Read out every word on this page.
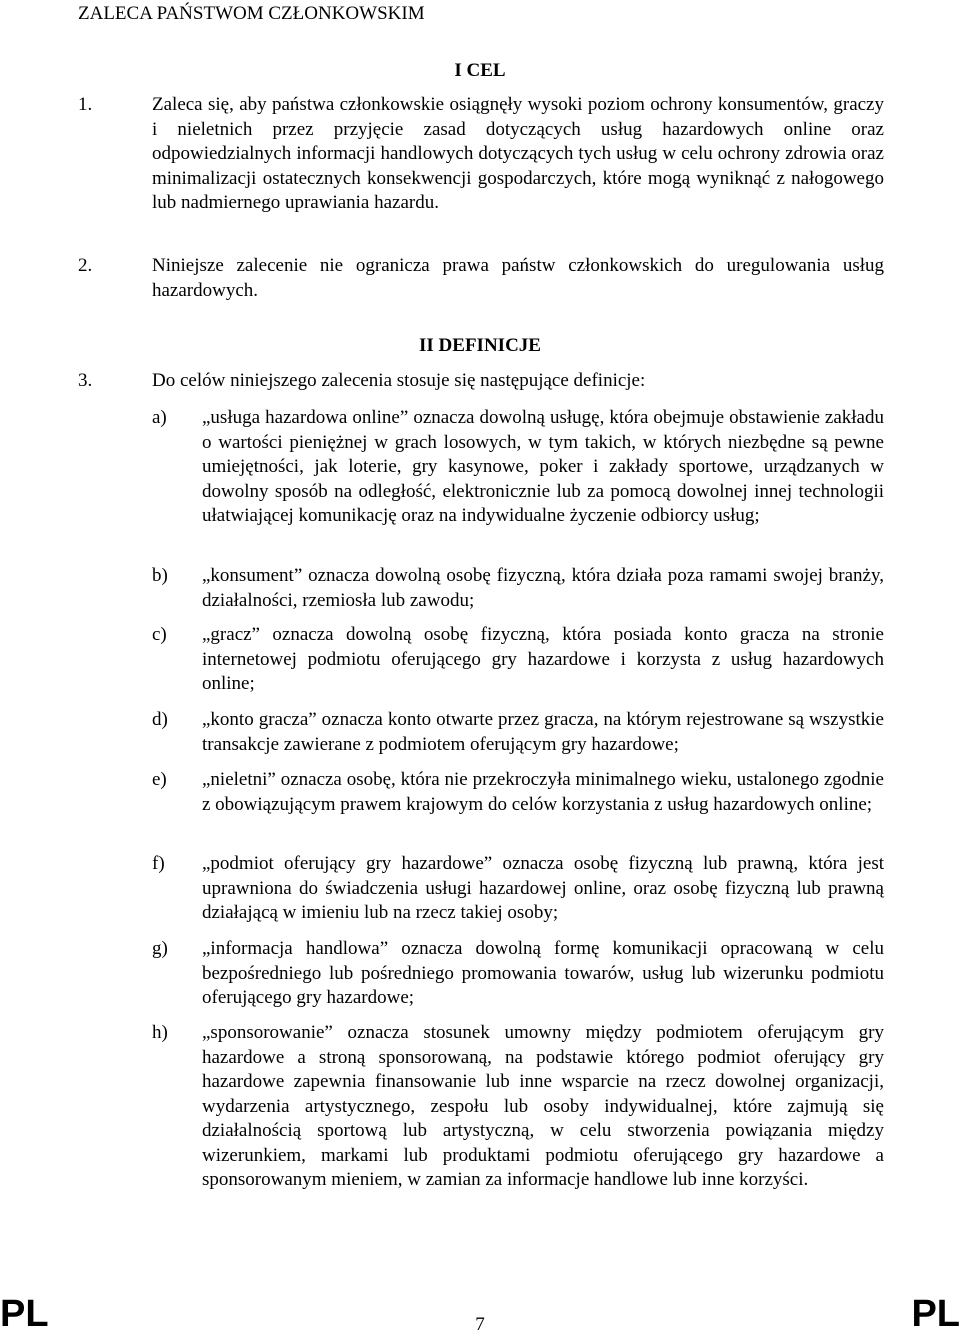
ZALECA PAŃSTWOM CZŁONKOWSKIM
I CEL
1.	Zaleca się, aby państwa członkowskie osiągnęły wysoki poziom ochrony konsumentów, graczy i nieletnich przez przyjęcie zasad dotyczących usług hazardowych online oraz odpowiedzialnych informacji handlowych dotyczących tych usług w celu ochrony zdrowia oraz minimalizacji ostatecznych konsekwencji gospodarczych, które mogą wyniknąć z nałogowego lub nadmiernego uprawiania hazardu.
2.	Niniejsze zalecenie nie ogranicza prawa państw członkowskich do uregulowania usług hazardowych.
II DEFINICJE
3.	Do celów niniejszego zalecenia stosuje się następujące definicje:
a) „usługa hazardowa online” oznacza dowolną usługę, która obejmuje obstawienie zakładu o wartości pieniężnej w grach losowych, w tym takich, w których niezbędne są pewne umiejętności, jak loterie, gry kasynowe, poker i zakłady sportowe, urządzanych w dowolny sposób na odległość, elektronicznie lub za pomocą dowolnej innej technologii ułatwiającej komunikację oraz na indywidualne życzenie odbiorcy usług;
b) „konsument” oznacza dowolną osobę fizyczną, która działa poza ramami swojej branży, działalności, rzemiosła lub zawodu;
c) „gracz” oznacza dowolną osobę fizyczną, która posiada konto gracza na stronie internetowej podmiotu oferującego gry hazardowe i korzysta z usług hazardowych online;
d) „konto gracza” oznacza konto otwarte przez gracza, na którym rejestrowane są wszystkie transakcje zawierane z podmiotem oferującym gry hazardowe;
e) „nieletni” oznacza osobę, która nie przekroczyła minimalnego wieku, ustalonego zgodnie z obowiązującym prawem krajowym do celów korzystania z usług hazardowych online;
f) „podmiot oferujący gry hazardowe” oznacza osobę fizyczną lub prawną, która jest uprawniona do świadczenia usługi hazardowej online, oraz osobę fizyczną lub prawną działającą w imieniu lub na rzecz takiej osoby;
g) „informacja handlowa” oznacza dowolną formę komunikacji opracowaną w celu bezpośredniego lub pośredniego promowania towarów, usług lub wizerunku podmiotu oferującego gry hazardowe;
h) „sponsorowanie” oznacza stosunek umowny między podmiotem oferującym gry hazardowe a stroną sponsorowaną, na podstawie którego podmiot oferujący gry hazardowe zapewnia finansowanie lub inne wsparcie na rzecz dowolnej organizacji, wydarzenia artystycznego, zespołu lub osoby indywidualnej, które zajmują się działalnością sportową lub artystyczną, w celu stworzenia powiązania między wizerunkiem, markami lub produktami podmiotu oferującego gry hazardowe a sponsorowanym mieniem, w zamian za informacje handlowe lub inne korzyści.
PL	7	PL
